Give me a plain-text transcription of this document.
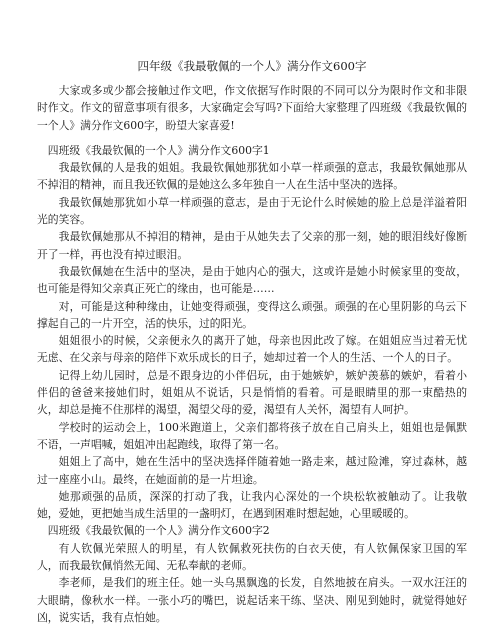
四年级《我最敬佩的一个人》满分作文600字

大家或多或少都会接触过作文吧，作文依据写作时限的不同可以分为限时作文和非限时作文。作文的留意事项有很多，大家确定会写吗?下面给大家整理了四班级《我最钦佩的一个人》满分作文600字，盼望大家喜爱!

四班级《我最钦佩的一个人》满分作文600字1

我最钦佩的人是我的姐姐。我最钦佩她那犹如小草一样顽强的意志，我最钦佩她那从不掉泪的精神，而且我还钦佩的是她这么多年独自一人在生活中坚决的选择。

我最钦佩她那犹如小草一样顽强的意志，是由于无论什么时候她的脸上总是洋溢着阳光的笑容。

我最钦佩她那从不掉泪的精神，是由于从她失去了父亲的那一刻，她的眼泪线好像断开了一样，再也没有掉过眼泪。

我最钦佩她在生活中的坚决，是由于她内心的强大，这或许是她小时候家里的变故，也可能是得知父亲真正死亡的缘由，也可能是……

对，可能是这种种缘由，让她变得顽强，变得这么顽强。顽强的在心里阴影的乌云下撑起自己的一片开空，活的快乐，过的阳光。

姐姐很小的时候，父亲便永久的离开了她，母亲也因此改了嫁。在姐姐应当过着无忧无虑、在父亲与母亲的陪伴下欢乐成长的日子，她却过着一个人的生活、一个人的日子。

记得上幼儿园时，总是不跟身边的小伴侣玩，由于她嫉妒，嫉妒羡慕的嫉妒，看着小伴侣的爸爸来接她们时，姐姐从不说话，只是悄悄的看着。可是眼睛里的那一束酷热的火，却总是掩不住那样的渴望，渴望父母的爱，渴望有人关怀，渴望有人呵护。

学校时的运动会上，100米跑道上，父亲们都将孩子放在自己肩头上，姐姐也是佩默不语，一声唱喊，姐姐冲出起跑线，取得了第一名。

姐姐上了高中，她在生活中的坚决选择伴随着她一路走来，越过险滩，穿过森林，越过一座座小山。最终，在她面前的是一片坦途。

她那顽强的品质，深深的打动了我，让我内心深处的一个块松软被触动了。让我敬她，爱她，更把她当成生活里的一盏明灯，在遇到困难时想起她，心里暖暖的。

四班级《我最钦佩的一个人》满分作文600字2

有人钦佩光荣照人的明星，有人钦佩救死扶伤的白衣天使，有人钦佩保家卫国的军人，而我最钦佩悄然无闻、无私奉献的老师。

李老师，是我们的班主任。她一头乌黑飘逸的长发，自然地披在肩头。一双水汪汪的大眼睛，像秋水一样。一张小巧的嘴巴，说起话来干练、坚决、刚见到她时，就觉得她好凶，说实话，我有点怕她。
